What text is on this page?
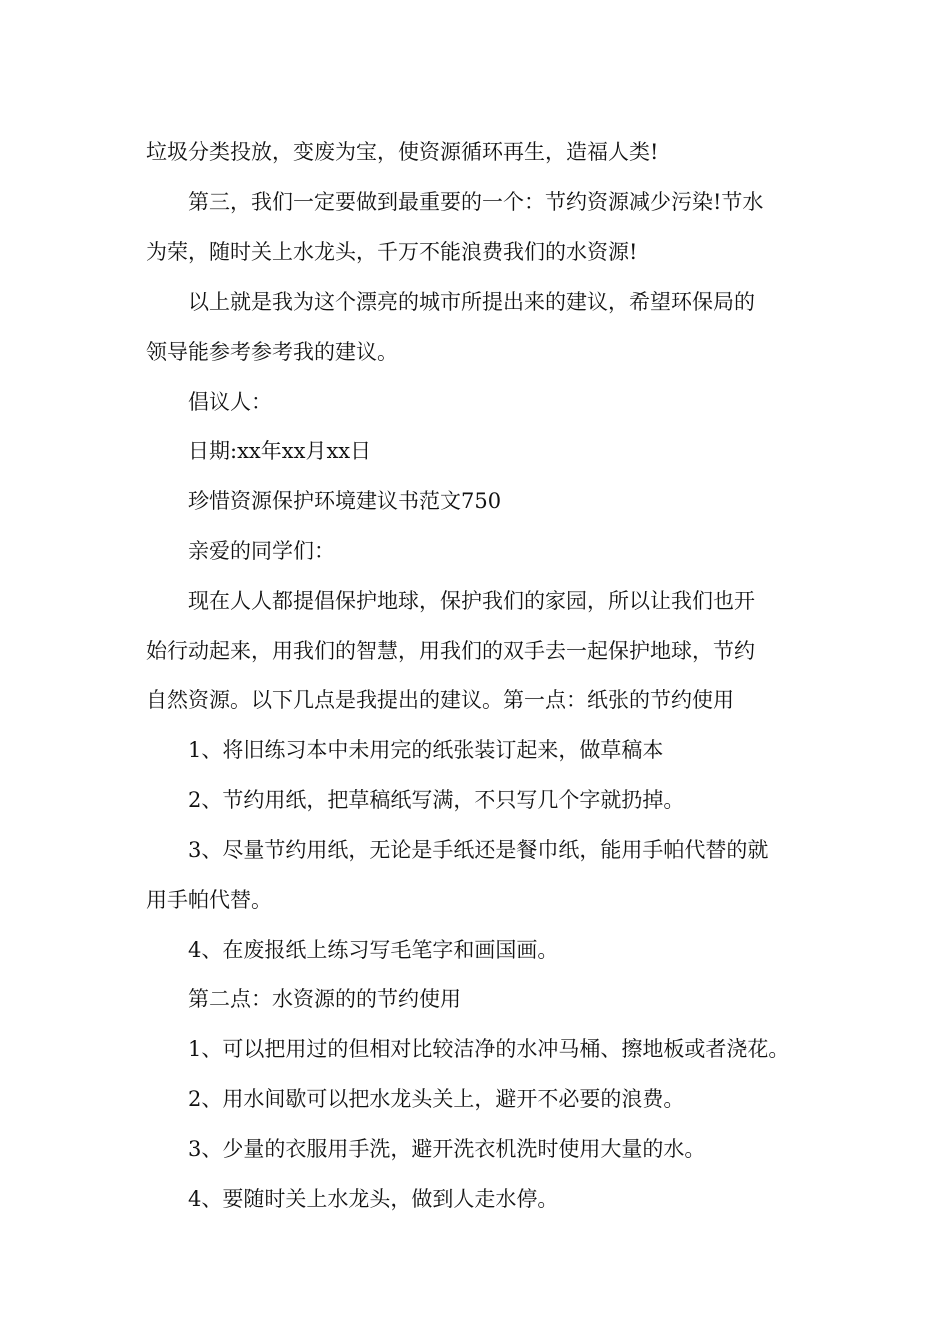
垃圾分类投放，变废为宝，使资源循环再生，造福人类!

第三，我们一定要做到最重要的一个：节约资源减少污染!节水

为荣，随时关上水龙头，千万不能浪费我们的水资源!

以上就是我为这个漂亮的城市所提出来的建议，希望环保局的

领导能参考参考我的建议。

倡议人：

日期:xx年xx月xx日

珍惜资源保护环境建议书范文750

亲爱的同学们：

现在人人都提倡保护地球，保护我们的家园，所以让我们也开

始行动起来，用我们的智慧，用我们的双手去一起保护地球，节约

自然资源。以下几点是我提出的建议。第一点：纸张的节约使用

1、将旧练习本中未用完的纸张装订起来，做草稿本

2、节约用纸，把草稿纸写满，不只写几个字就扔掉。

3、尽量节约用纸，无论是手纸还是餐巾纸，能用手帕代替的就

用手帕代替。

4、在废报纸上练习写毛笔字和画国画。

第二点：水资源的的节约使用

1、可以把用过的但相对比较洁净的水冲马桶、擦地板或者浇花。

2、用水间歇可以把水龙头关上，避开不必要的浪费。

3、少量的衣服用手洗，避开洗衣机洗时使用大量的水。

4、要随时关上水龙头，做到人走水停。
